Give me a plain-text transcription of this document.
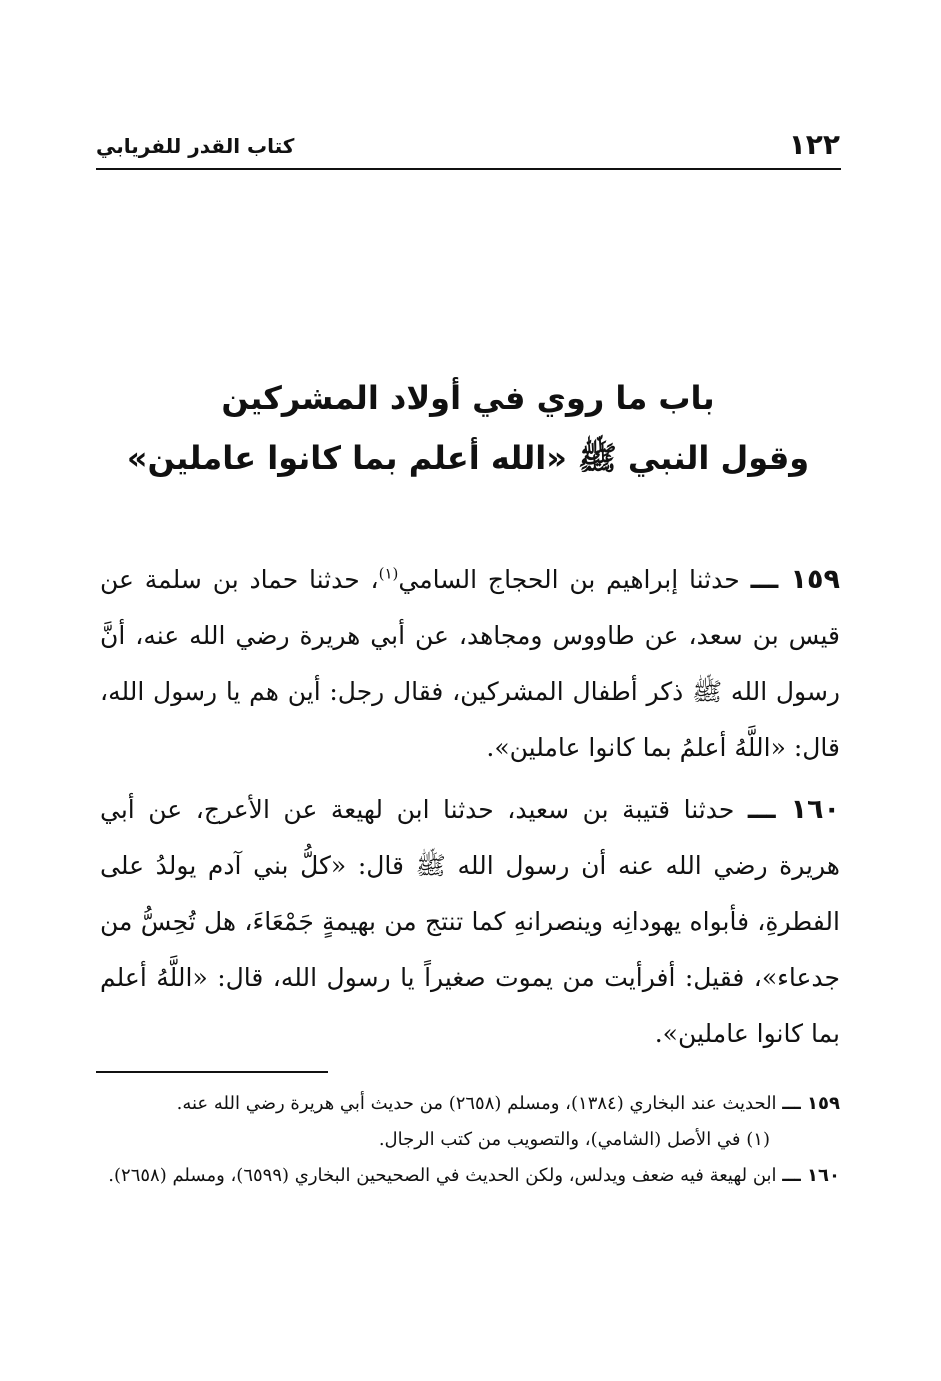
١٢٢
كتاب القدر للفريابي
باب ما روي في أولاد المشركين
وقول النبي ﷺ «الله أعلم بما كانوا عاملين»

١٥٩ ـــ حدثنا إبراهيم بن الحجاج السامي$^{(١)}$، حدثنا حماد بن سلمة عن قيس بن سعد، عن طاووس ومجاهد، عن أبي هريرة رضي الله عنه، أنَّ رسول الله ﷺ ذكر أطفال المشركين، فقال رجل: أين هم يا رسول الله، قال: «اللَّهُ أعلمُ بما كانوا عاملين».

١٦٠ ـــ حدثنا قتيبة بن سعيد، حدثنا ابن لهيعة عن الأعرج، عن أبي هريرة رضي الله عنه أن رسول الله ﷺ قال: «كلُّ بني آدم يولدُ على الفطرةِ، فأبواه يهودانِه وينصرانهِ كما تنتج من بهيمةٍ جَمْعَاءَ، هل تُحِسُّ من جدعاء»، فقيل: أفرأيت من يموت صغيراً يا رسول الله، قال: «اللَّهُ أعلم بما كانوا عاملين».

١٥٩ ـــ الحديث عند البخاري (١٣٨٤)، ومسلم (٢٦٥٨) من حديث أبي هريرة رضي الله عنه.

(١) في الأصل (الشامي)، والتصويب من كتب الرجال.

١٦٠ ـــ ابن لهيعة فيه ضعف ويدلس، ولكن الحديث في الصحيحين البخاري (٦٥٩٩)، ومسلم (٢٦٥٨).
